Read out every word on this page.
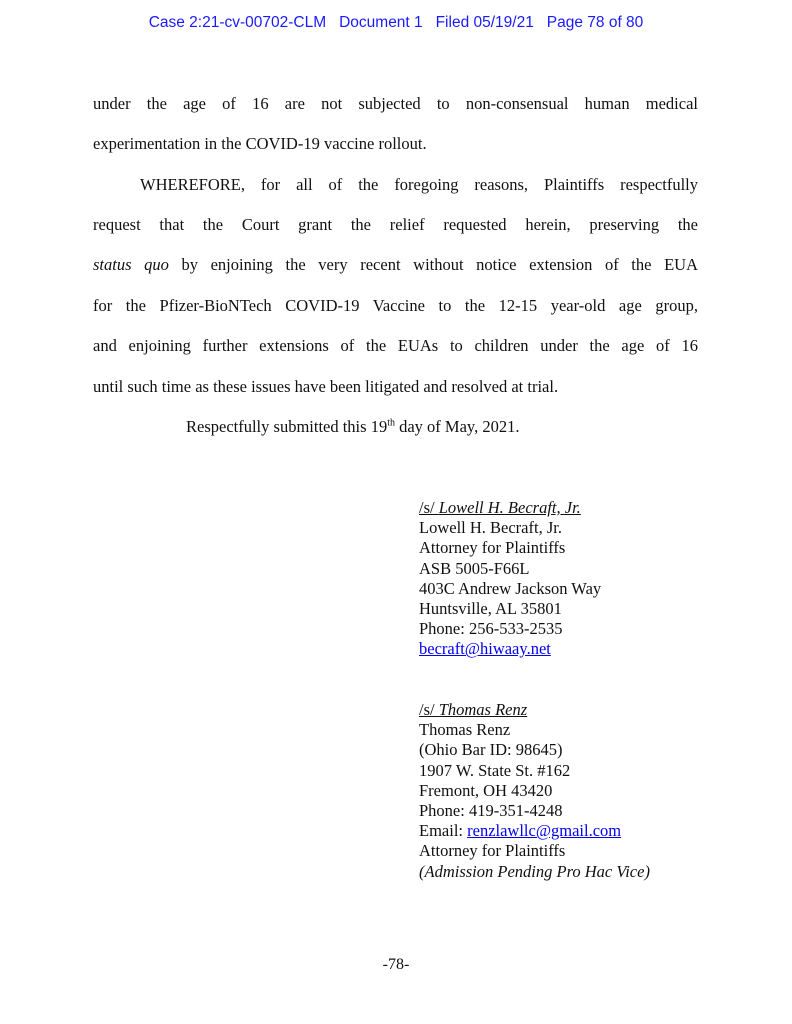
Case 2:21-cv-00702-CLM Document 1 Filed 05/19/21 Page 78 of 80
under the age of 16 are not subjected to non-consensual human medical
experimentation in the COVID-19 vaccine rollout.
WHEREFORE, for all of the foregoing reasons, Plaintiffs respectfully
request that the Court grant the relief requested herein, preserving the
status quo by enjoining the very recent without notice extension of the EUA
for the Pfizer-BioNTech COVID-19 Vaccine to the 12-15 year-old age group,
and enjoining further extensions of the EUAs to children under the age of 16
until such time as these issues have been litigated and resolved at trial.
Respectfully submitted this 19th day of May, 2021.
/s/ Lowell H. Becraft, Jr.
Lowell H. Becraft, Jr.
Attorney for Plaintiffs
ASB 5005-F66L
403C Andrew Jackson Way
Huntsville, AL 35801
Phone: 256-533-2535
becraft@hiwaay.net
/s/ Thomas Renz
Thomas Renz
(Ohio Bar ID: 98645)
1907 W. State St. #162
Fremont, OH 43420
Phone: 419-351-4248
Email: renzlawllc@gmail.com
Attorney for Plaintiffs
(Admission Pending Pro Hac Vice)
-78-
